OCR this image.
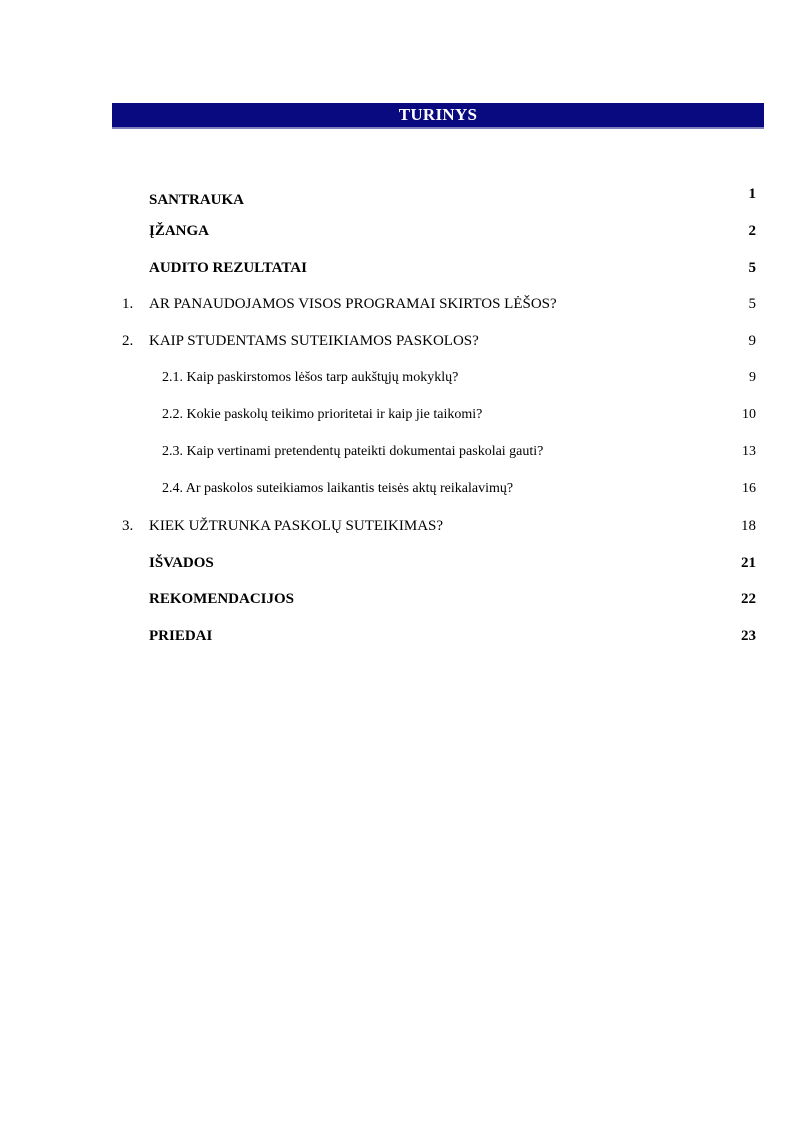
TURINYS
SANTRAUKA	1
ĮŽANGA	2
AUDITO REZULTATAI	5
1. AR PANAUDOJAMOS VISOS PROGRAMAI SKIRTOS LĖŠOS?	5
2. KAIP STUDENTAMS SUTEIKIAMOS PASKOLOS?	9
2.1. Kaip paskirstomos lėšos tarp aukštųjų mokyklų?	9
2.2. Kokie paskolų teikimo prioritetai ir kaip jie taikomi?	10
2.3. Kaip vertinami pretendentų pateikti dokumentai paskolai gauti?	13
2.4. Ar paskolos suteikiamos laikantis teisės aktų reikalavimų?	16
3. KIEK UŽTRUNKA PASKOLŲ SUTEIKIMAS?	18
IŠVADOS	21
REKOMENDACIJOS	22
PRIEDAI	23
